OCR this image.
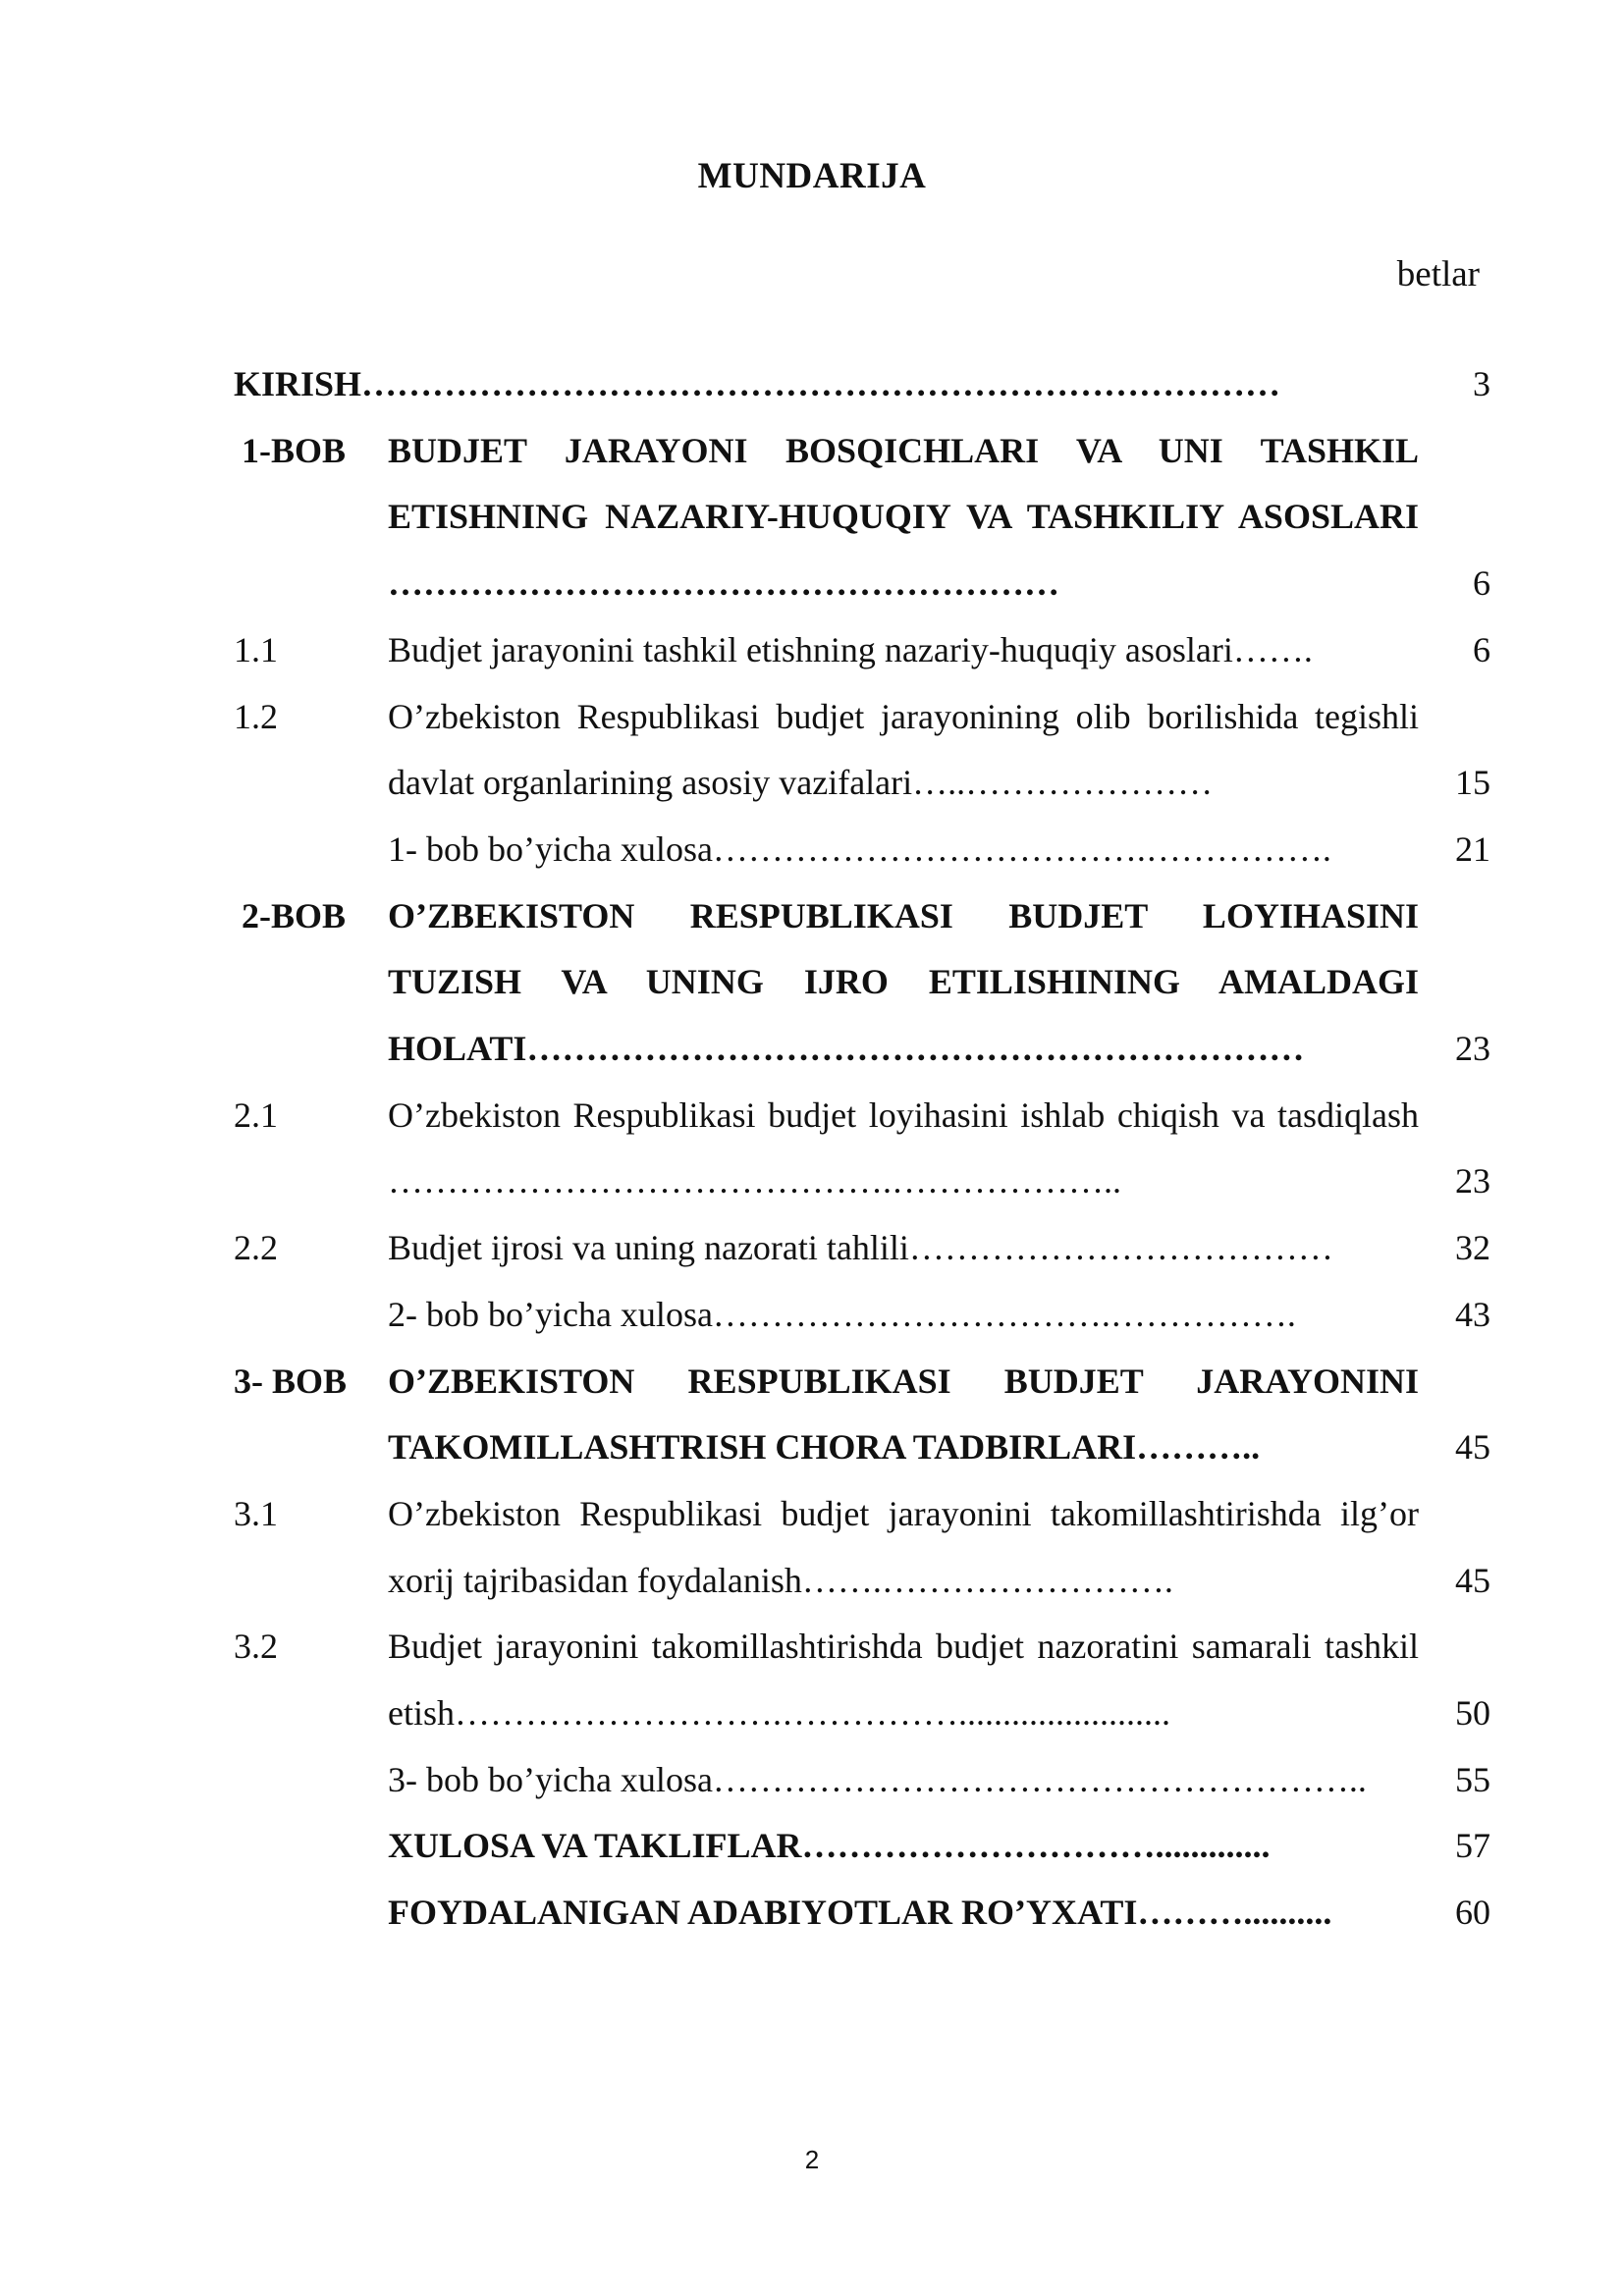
MUNDARIJA
betlar
KIRISH……………………………………………………………………	3
1-BOB	BUDJET JARAYONI BOSQICHLARI VA UNI TASHKIL ETISHNING NAZARIY-HUQUQIY VA TASHKILIY ASOSLARI …………………………………………………	6
1.1	Budjet jarayonini tashkil etishning nazariy-huquqiy asoslari…….	6
1.2	O’zbekiston Respublikasi budjet jarayonining olib borilishida tegishli davlat organlarining asosiy vazifalari…..…………………	15
1- bob bo’yicha xulosa……………………………….…………….	21
2-BOB	O’ZBEKISTON RESPUBLIKASI BUDJET LOYIHASINI TUZISH VA UNING IJRO ETILISHINING AMALDAGI HOLATI…………………………………………………………	23
2.1	O’zbekiston Respublikasi budjet loyihasini ishlab chiqish va tasdiqlash …………………………………….………………..	23
2.2	Budjet ijrosi va uning nazorati tahlili………………………………	32
2- bob bo’yicha xulosa…………………………….…………….	43
3- BOB	O’ZBEKISTON RESPUBLIKASI BUDJET JARAYONINI TAKOMILLASHTRISH CHORA TADBIRLARI………..	45
3.1	O’zbekiston Respublikasi budjet jarayonini takomillashtirishda ilg’or xorij tajribasidan foydalanish…….…………………….	45
3.2	Budjet jarayonini takomillashtirishda budjet nazoratini samarali tashkil etish……………………….……………........................	50
3- bob bo’yicha xulosa………………………………………………..	55
XULOSA VA TAKLIFLAR………………………….............	57
FOYDALANIGAN ADABIYOTLAR RO’YXATI………..........	60
2
